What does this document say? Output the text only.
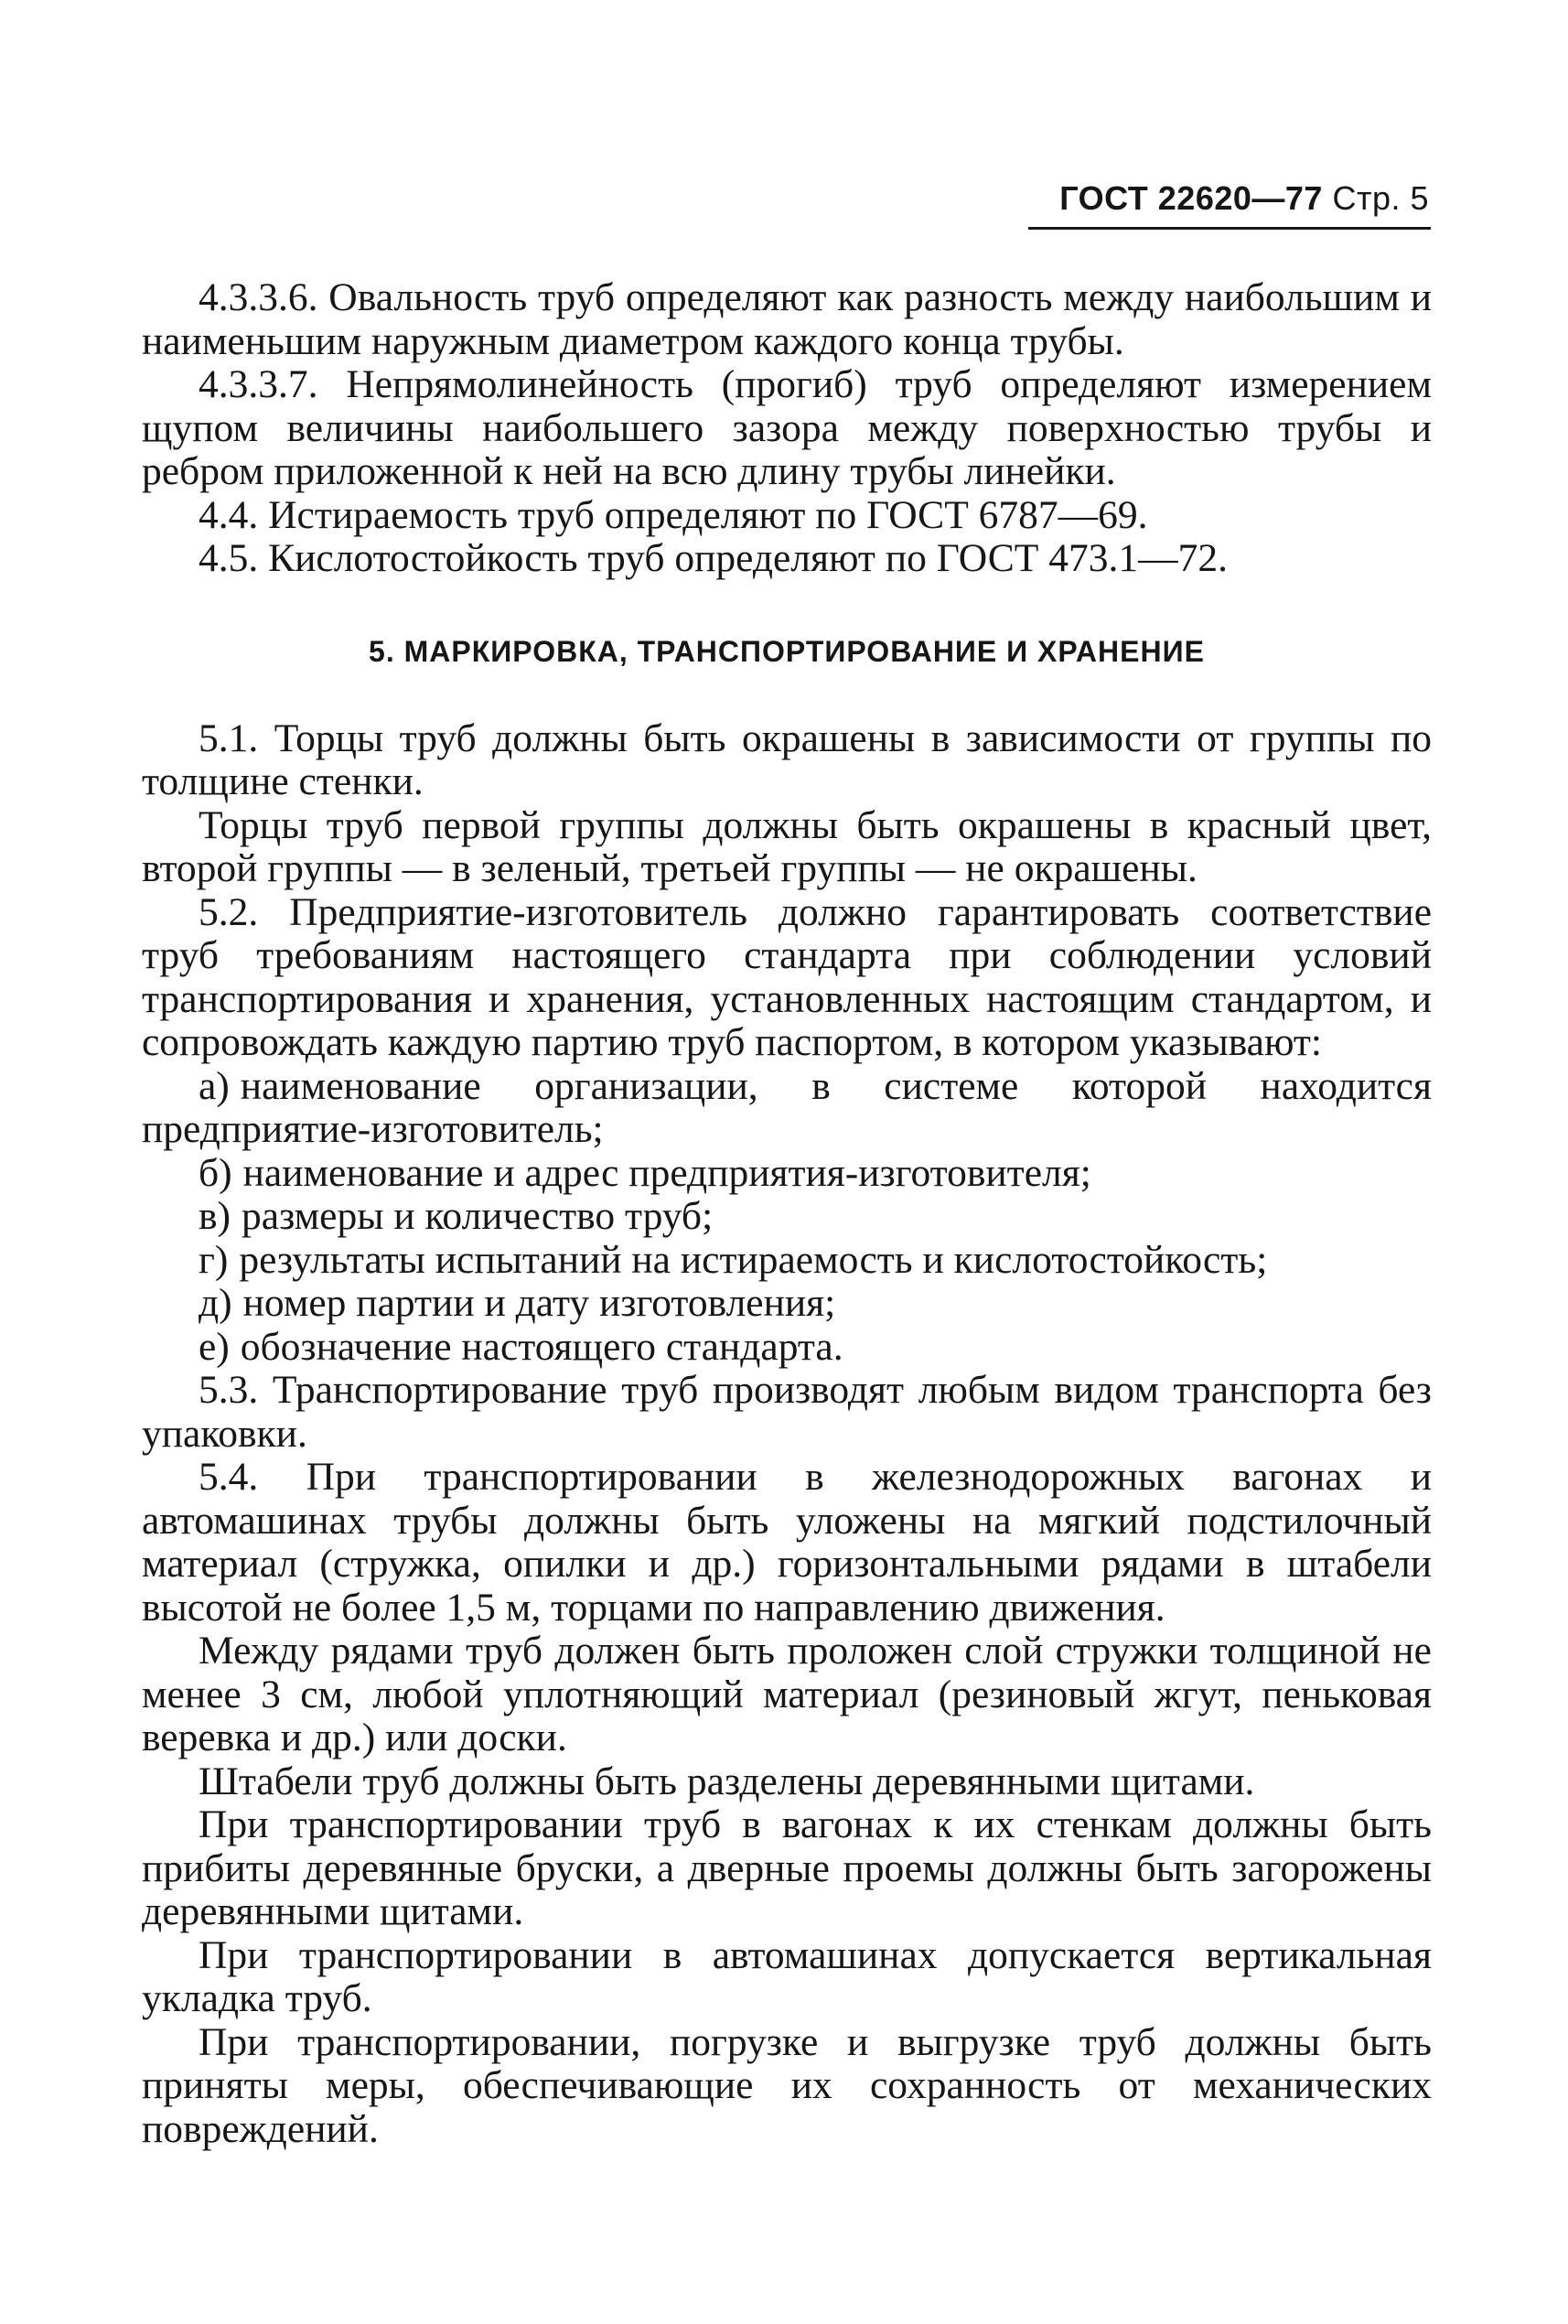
ГОСТ 22620—77 Стр. 5

4.3.3.6. Овальность труб определяют как разность между наибольшим и наименьшим наружным диаметром каждого конца трубы.

4.3.3.7. Непрямолинейность (прогиб) труб определяют измерением щупом величины наибольшего зазора между поверхностью трубы и ребром приложенной к ней на всю длину трубы линейки.

4.4. Истираемость труб определяют по ГОСТ 6787—69.

4.5. Кислотостойкость труб определяют по ГОСТ 473.1—72.

5. МАРКИРОВКА, ТРАНСПОРТИРОВАНИЕ И ХРАНЕНИЕ

5.1. Торцы труб должны быть окрашены в зависимости от группы по толщине стенки.

Торцы труб первой группы должны быть окрашены в красный цвет, второй группы — в зеленый, третьей группы — не окрашены.

5.2. Предприятие-изготовитель должно гарантировать соответствие труб требованиям настоящего стандарта при соблюдении условий транспортирования и хранения, установленных настоящим стандартом, и сопровождать каждую партию труб паспортом, в котором указывают:

а) наименование организации, в системе которой находится предприятие-изготовитель;

б) наименование и адрес предприятия-изготовителя;

в) размеры и количество труб;

г) результаты испытаний на истираемость и кислотостойкость;

д) номер партии и дату изготовления;

е) обозначение настоящего стандарта.

5.3. Транспортирование труб производят любым видом транспорта без упаковки.

5.4. При транспортировании в железнодорожных вагонах и автомашинах трубы должны быть уложены на мягкий подстилочный материал (стружка, опилки и др.) горизонтальными рядами в штабели высотой не более 1,5 м, торцами по направлению движения.

Между рядами труб должен быть проложен слой стружки толщиной не менее 3 см, любой уплотняющий материал (резиновый жгут, пеньковая веревка и др.) или доски.

Штабели труб должны быть разделены деревянными щитами.

При транспортировании труб в вагонах к их стенкам должны быть прибиты деревянные бруски, а дверные проемы должны быть загорожены деревянными щитами.

При транспортировании в автомашинах допускается вертикальная укладка труб.

При транспортировании, погрузке и выгрузке труб должны быть приняты меры, обеспечивающие их сохранность от механических повреждений.
